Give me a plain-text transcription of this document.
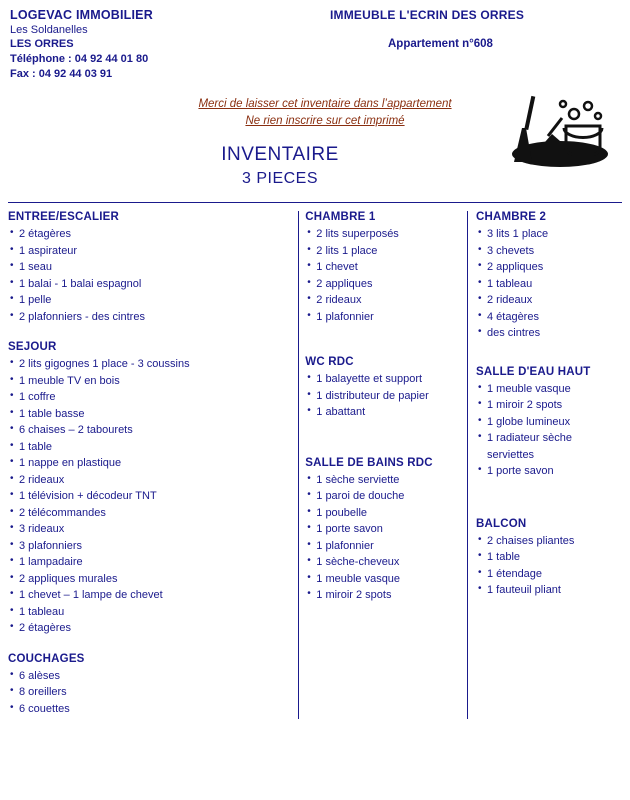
LOGEVAC IMMOBILIER
Les Soldanelles
LES ORRES
Téléphone : 04 92 44 01 80
Fax : 04 92 44 03 91
IMMEUBLE L'ECRIN DES ORRES
Appartement n°608
Merci de laisser cet inventaire dans l’appartement
Ne rien inscrire sur cet imprimé
INVENTAIRE
3 PIECES
ENTREE/ESCALIER
• 2 étagères
• 1 aspirateur
• 1 seau
• 1 balai - 1 balai espagnol
• 1 pelle
• 2 plafonniers - des cintres
SEJOUR
• 2 lits gigognes 1 place - 3 coussins
• 1 meuble TV en bois
• 1 coffre
• 1 table basse
• 6 chaises – 2 tabourets
• 1 table
• 1 nappe en plastique
• 2 rideaux
• 1 télévision + décodeur TNT
• 2 télécommandes
• 3 rideaux
• 3 plafonniers
• 1 lampadaire
• 2 appliques murales
• 1 chevet – 1 lampe de chevet
• 1 tableau
• 2 étagères
COUCHAGES
• 6 alèses
• 8 oreillers
• 6 couettes
CHAMBRE 1
• 2 lits superposés
• 2 lits 1 place
• 1 chevet
• 2 appliques
• 2 rideaux
• 1 plafonnier
WC RDC
• 1 balayette et support
• 1 distributeur de papier
• 1 abattant
SALLE DE BAINS RDC
• 1 sèche serviette
• 1 paroi de douche
• 1 poubelle
• 1 porte savon
• 1 plafonnier
• 1 sèche-cheveux
• 1 meuble vasque
• 1 miroir 2 spots
CHAMBRE 2
• 3 lits 1 place
• 3 chevets
• 2 appliques
• 1 tableau
• 2 rideaux
• 4 étagères
• des cintres
SALLE D'EAU HAUT
• 1 meuble vasque
• 1 miroir 2 spots
• 1 globe lumineux
• 1 radiateur sèche serviettes
• 1 porte savon
BALCON
• 2 chaises pliantes
• 1 table
• 1 étendage
• 1 fauteuil pliant
